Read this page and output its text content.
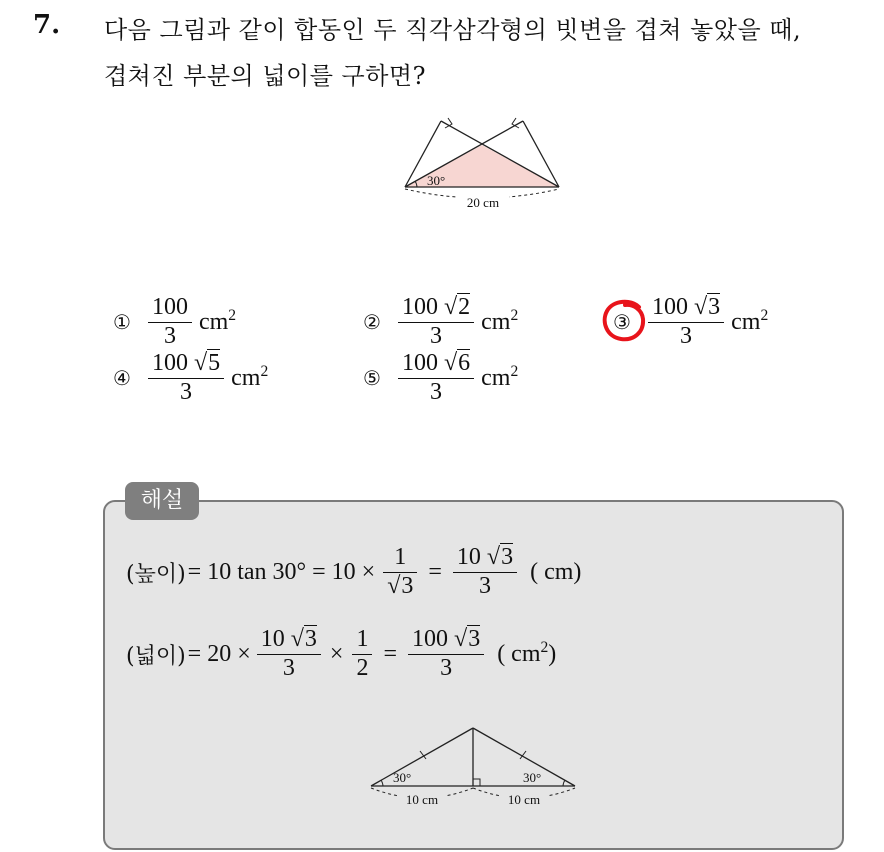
7. 다음 그림과 같이 합동인 두 직각삼각형의 빗변을 겹쳐 놓았을 때,
겹쳐진 부분의 넓이를 구하면?
30°
20 cm
① $\frac{100}{3} cm^2$	② $\frac{100 √2}{3} cm^2$	③ $\frac{100 √3}{3} cm^2$
④ $\frac{100 √5}{3} cm^2$	⑤ $\frac{100 √6}{3} cm^2$
해설
(높이) = 10 $\tan 30^\circ = 10 \times \frac{1}{√3} = \frac{10 √3}{3}$ ( cm)
(넓이) = $20 \times \frac{10 √3}{3} \times \frac{1}{2} = \frac{100 √3}{3}$ ( $cm^2$)
30°	30°
10 cm	10 cm
